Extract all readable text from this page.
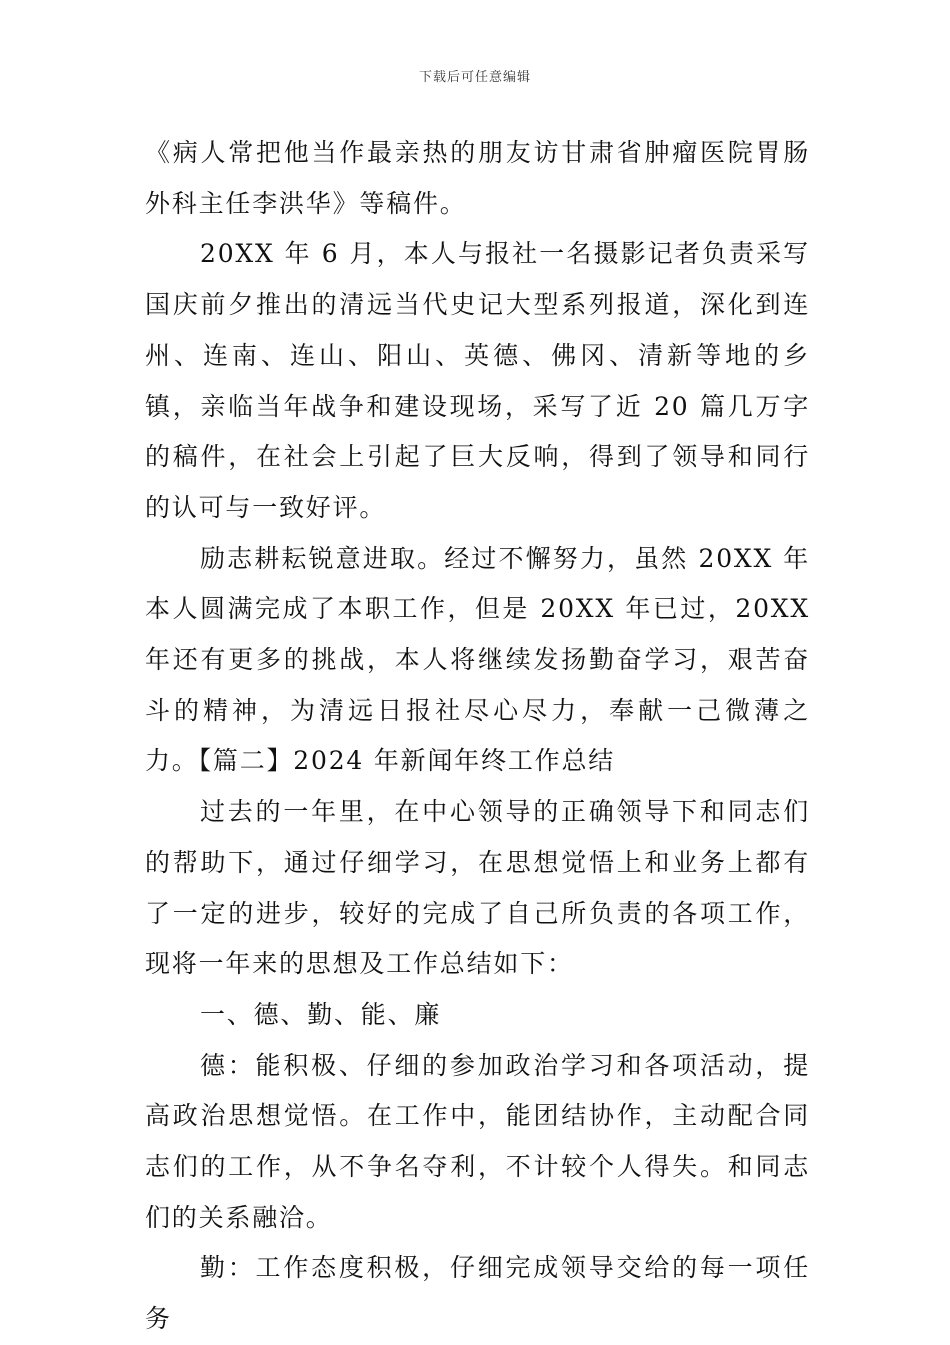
下载后可任意编辑

《病人常把他当作最亲热的朋友访甘肃省肿瘤医院胃肠外科主任李洪华》等稿件。

20XX 年 6 月，本人与报社一名摄影记者负责采写国庆前夕推出的清远当代史记大型系列报道，深化到连州、连南、连山、阳山、英德、佛冈、清新等地的乡镇，亲临当年战争和建设现场，采写了近 20 篇几万字的稿件，在社会上引起了巨大反响，得到了领导和同行的认可与一致好评。

励志耕耘锐意进取。经过不懈努力，虽然 20XX 年本人圆满完成了本职工作，但是 20XX 年已过，20XX 年还有更多的挑战，本人将继续发扬勤奋学习，艰苦奋斗的精神，为清远日报社尽心尽力，奉献一己微薄之力。【篇二】2024 年新闻年终工作总结

过去的一年里，在中心领导的正确领导下和同志们的帮助下，通过仔细学习，在思想觉悟上和业务上都有了一定的进步，较好的完成了自己所负责的各项工作，现将一年来的思想及工作总结如下：

一、德、勤、能、廉

德：能积极、仔细的参加政治学习和各项活动，提高政治思想觉悟。在工作中，能团结协作，主动配合同志们的工作，从不争名夺利，不计较个人得失。和同志们的关系融洽。

勤：工作态度积极，仔细完成领导交给的每一项任务
